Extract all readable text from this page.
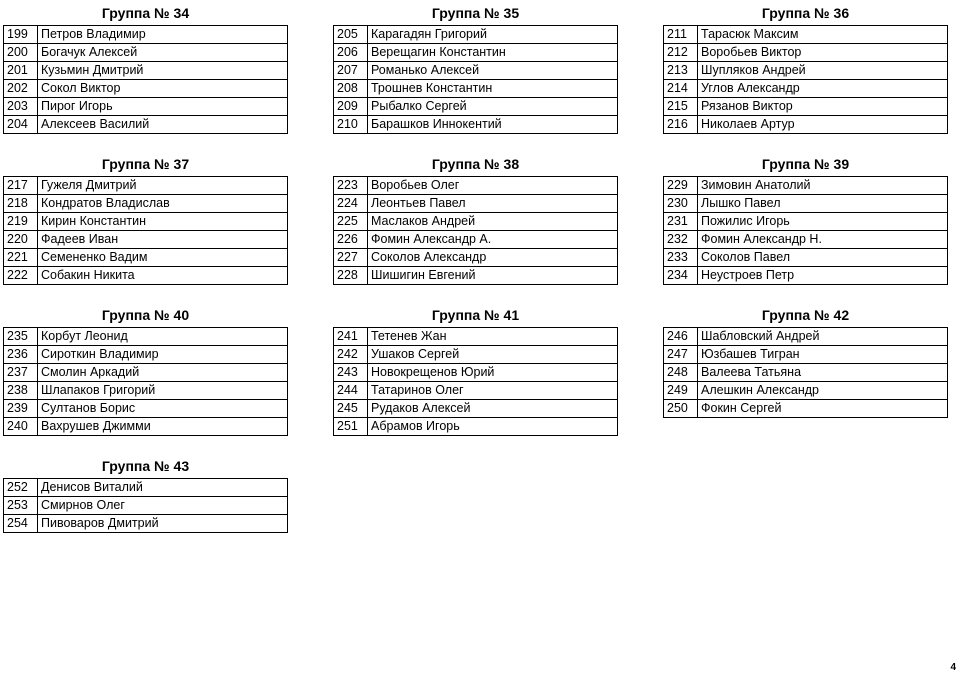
Группа № 34
199	Петров Владимир
200	Богачук Алексей
201	Кузьмин Дмитрий
202	Сокол Виктор
203	Пирог Игорь
204	Алексеев Василий
Группа № 35
205	Карагадян Григорий
206	Верещагин Константин
207	Романько Алексей
208	Трошнев Константин
209	Рыбалко Сергей
210	Барашков Иннокентий
Группа № 36
211	Тарасюк Максим
212	Воробьев Виктор
213	Шупляков Андрей
214	Углов Александр
215	Рязанов Виктор
216	Николаев Артур
Группа № 37
217	Гужеля Дмитрий
218	Кондратов Владислав
219	Кирин Константин
220	Фадеев Иван
221	Семененко Вадим
222	Собакин Никита
Группа № 38
223	Воробьев Олег
224	Леонтьев Павел
225	Маслаков Андрей
226	Фомин Александр А.
227	Соколов Александр
228	Шишигин Евгений
Группа № 39
229	Зимовин Анатолий
230	Лышко Павел
231	Пожилис Игорь
232	Фомин Александр Н.
233	Соколов Павел
234	Неустроев Петр
Группа № 40
235	Корбут Леонид
236	Сироткин Владимир
237	Смолин Аркадий
238	Шлапаков Григорий
239	Султанов Борис
240	Вахрушев Джимми
Группа № 41
241	Тетенев Жан
242	Ушаков Сергей
243	Новокрещенов Юрий
244	Татаринов Олег
245	Рудаков Алексей
251	Абрамов Игорь
Группа № 42
246	Шабловский Андрей
247	Юзбашев Тигран
248	Валеева Татьяна
249	Алешкин Александр
250	Фокин Сергей
Группа № 43
252	Денисов Виталий
253	Смирнов Олег
254	Пивоваров Дмитрий
4
